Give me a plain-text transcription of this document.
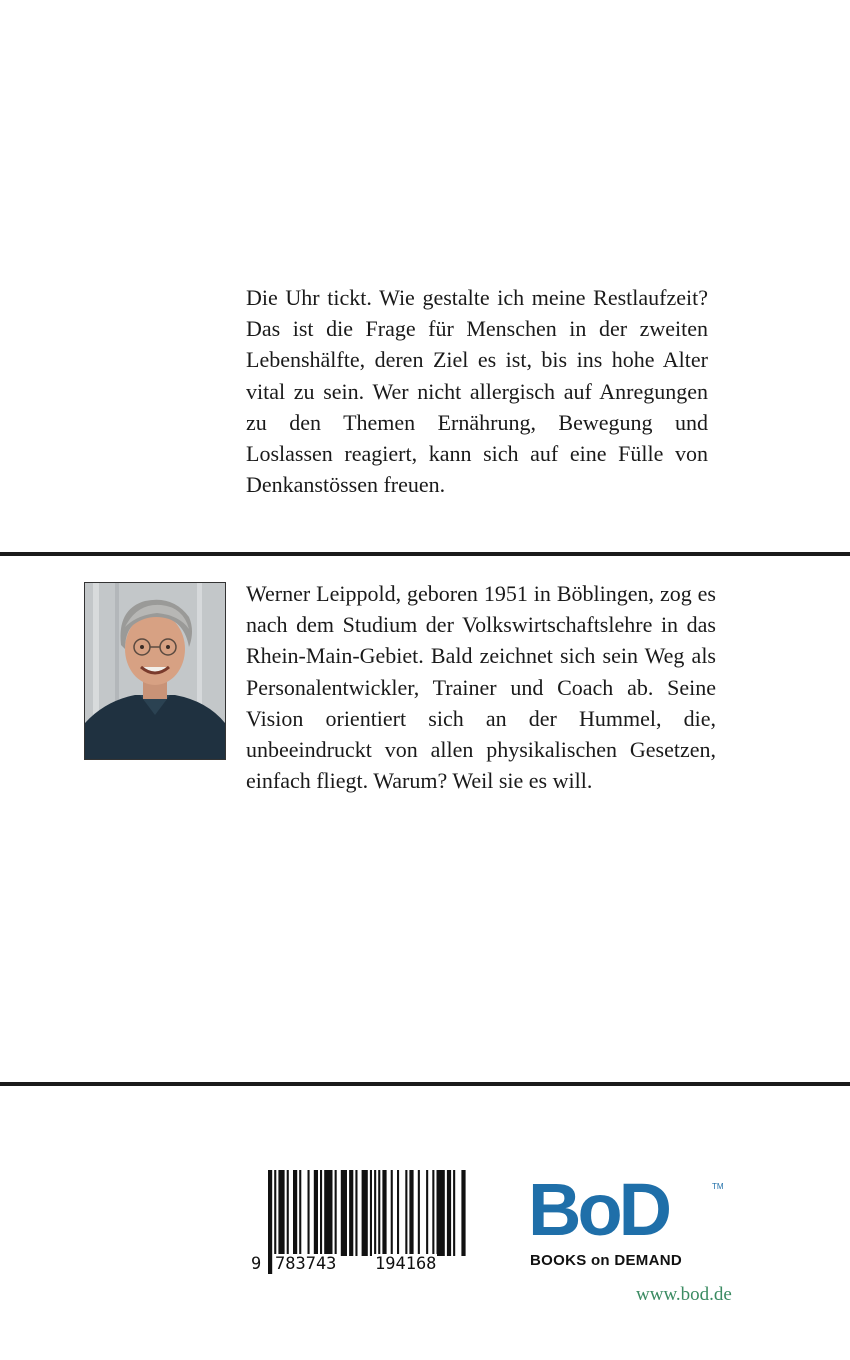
Die Uhr tickt. Wie gestalte ich meine Restlaufzeit? Das ist die Frage für Menschen in der zweiten Lebenshälfte, deren Ziel es ist, bis ins hohe Alter vital zu sein. Wer nicht allergisch auf Anregungen zu den Themen Ernährung, Bewegung und Loslassen reagiert, kann sich auf eine Fülle von Denkanstössen freuen.

Werner Leippold, geboren 1951 in Böblingen, zog es nach dem Studium der Volkswirtschaftslehre in das Rhein-Main-Gebiet. Bald zeichnet sich sein Weg als Personalentwickler, Trainer und Coach ab. Seine Vision orientiert sich an der Hummel, die, unbeeindruckt von allen physikalischen Gesetzen, einfach fliegt. Warum? Weil sie es will.

9 783743 194168
BoD	TM
BOOKS on DEMAND
www.bod.de
